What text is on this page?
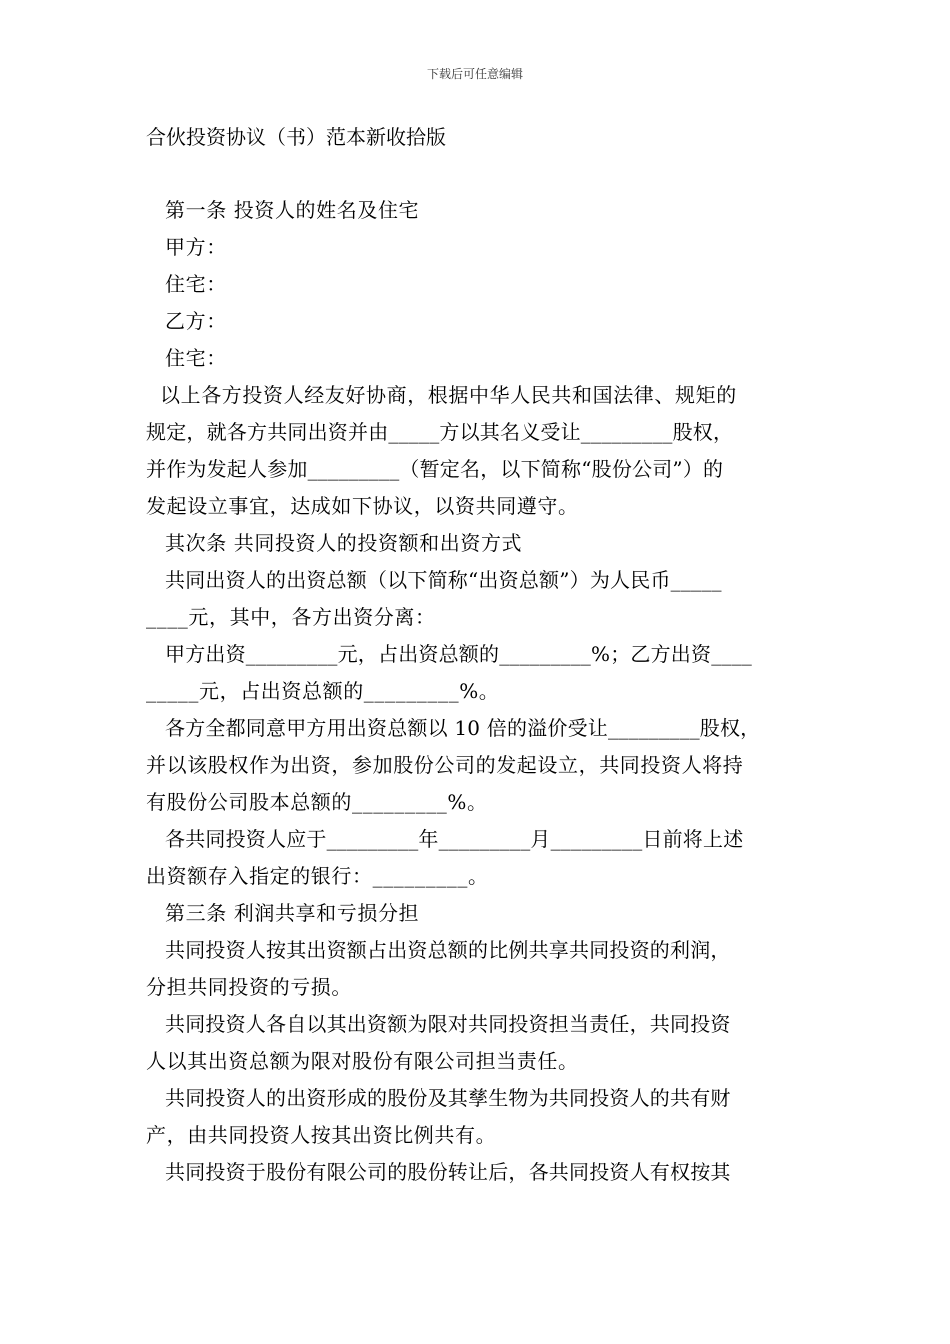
下载后可任意编辑
合伙投资协议（书）范本新收拾版
第一条 投资人的姓名及住宅
甲方：
住宅：
乙方：
住宅：
以上各方投资人经友好协商，根据中华人民共和国法律、规矩的
规定，就各方共同出资并由_____方以其名义受让_________股权，
并作为发起人参加_________（暂定名，以下简称“股份公司”）的
发起设立事宜，达成如下协议，以资共同遵守。
其次条 共同投资人的投资额和出资方式
共同出资人的出资总额（以下简称“出资总额”）为人民币_____
____元，其中，各方出资分离：
甲方出资_________元，占出资总额的_________%；乙方出资____
_____元，占出资总额的_________%。
各方全都同意甲方用出资总额以 10 倍的溢价受让_________股权，
并以该股权作为出资，参加股份公司的发起设立，共同投资人将持
有股份公司股本总额的_________%。
各共同投资人应于_________年_________月_________日前将上述
出资额存入指定的银行：_________。
第三条 利润共享和亏损分担
共同投资人按其出资额占出资总额的比例共享共同投资的利润，
分担共同投资的亏损。
共同投资人各自以其出资额为限对共同投资担当责任，共同投资
人以其出资总额为限对股份有限公司担当责任。
共同投资人的出资形成的股份及其孳生物为共同投资人的共有财
产，由共同投资人按其出资比例共有。
共同投资于股份有限公司的股份转让后，各共同投资人有权按其
